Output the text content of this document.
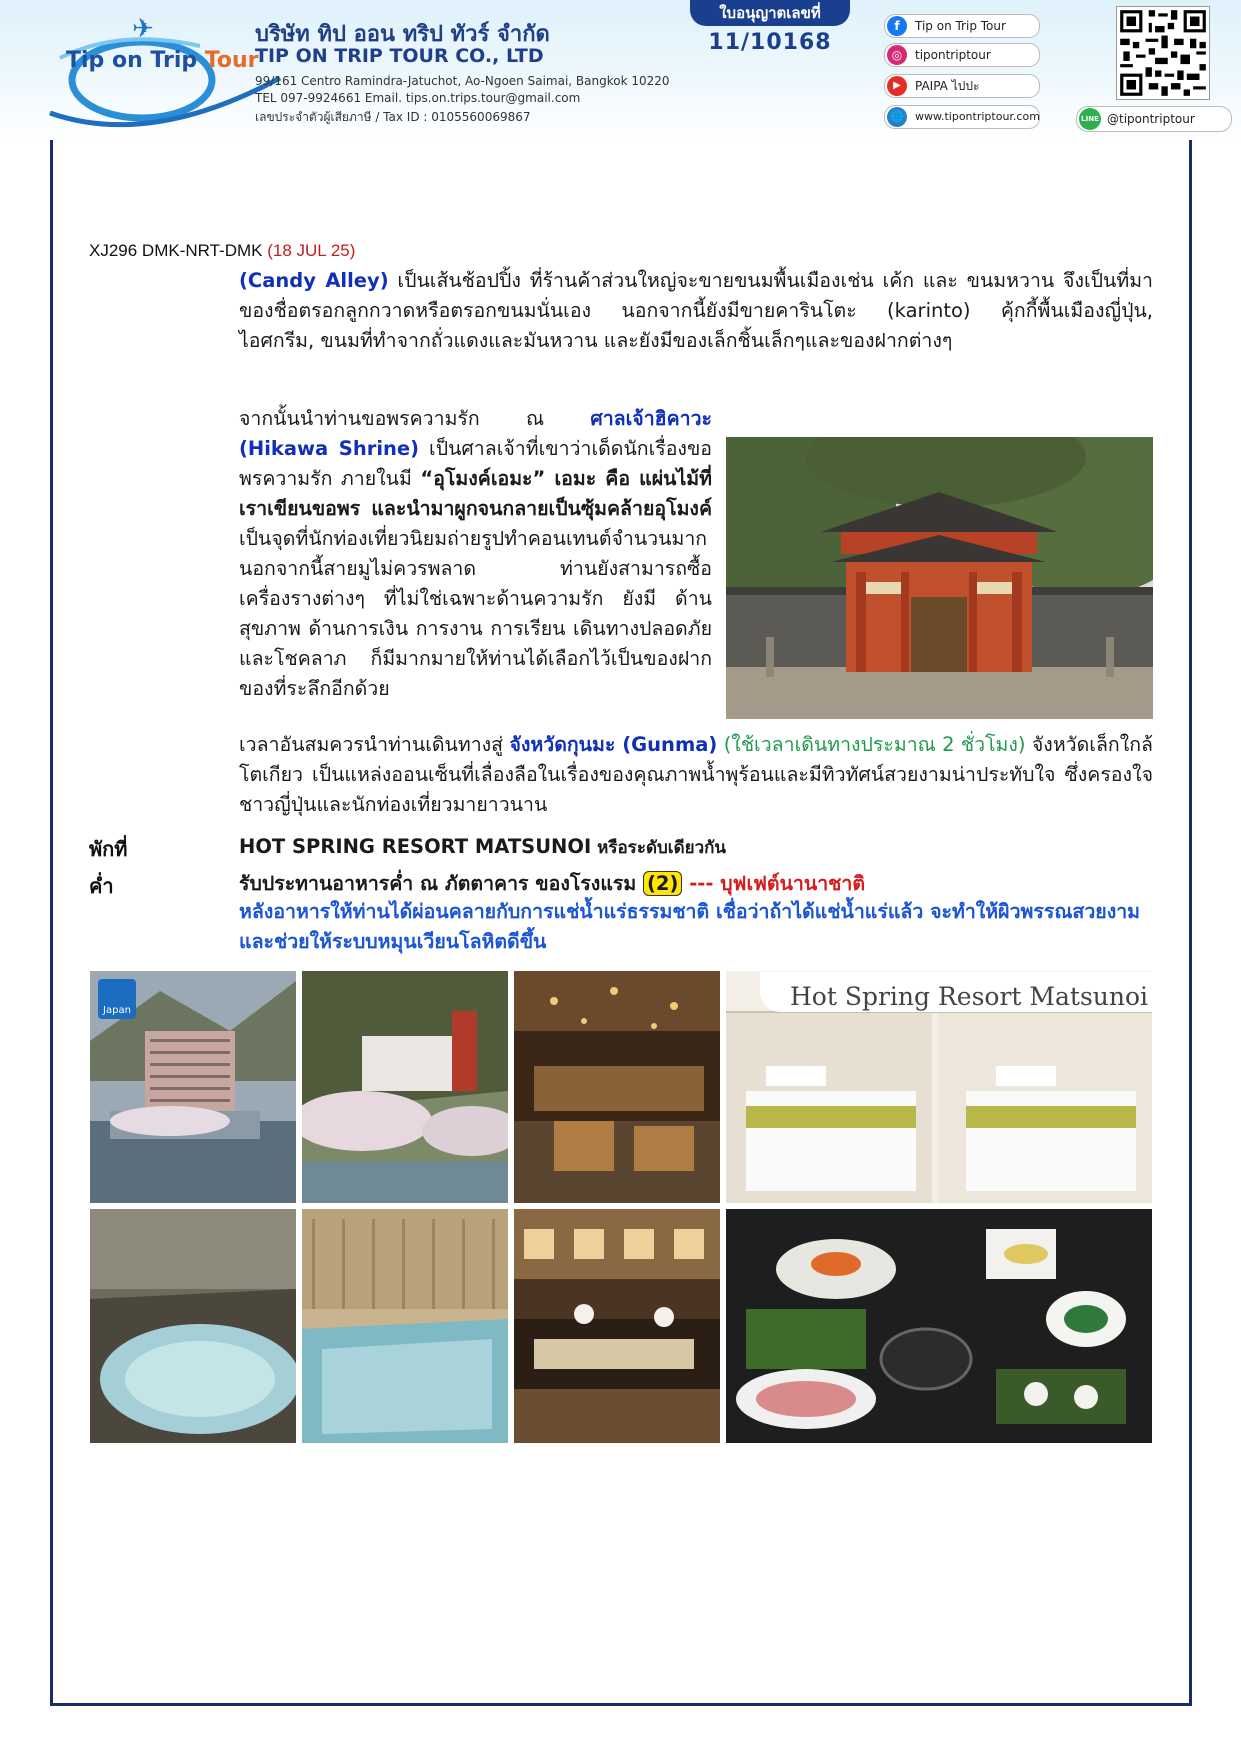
✈
Tip on Trip Tour
บริษัท ทิป ออน ทริป ทัวร์ จำกัด
TIP ON TRIP TOUR CO., LTD
99/161 Centro Ramindra-Jatuchot, Ao-Ngoen Saimai, Bangkok 10220
TEL 097-9924661 Email. tips.on.trips.tour@gmail.com
เลขประจำตัวผู้เสียภาษี / Tax ID : 0105560069867
ใบอนุญาตเลขที่
11/10168
f	Tip on Trip Tour
◎	tipontriptour
▶	PAIPA ไปปะ
🌐 www.tipontriptour.com	LINE @tipontriptour
XJ296 DMK-NRT-DMK (18 JUL 25)
(Candy Alley) เป็นเส้นช้อปปิ้ง ที่ร้านค้าส่วนใหญ่จะขายขนมพื้นเมืองเช่น เค้ก และ ขนมหวาน จึงเป็นที่มาของชื่อตรอกลูกกวาดหรือตรอกขนมนั่นเอง นอกจากนี้ยังมีขายคารินโตะ (karinto) คุ้กกี้พื้นเมืองญี่ปุ่น, ไอศกรีม, ขนมที่ทำจากถั่วแดงและมันหวาน และยังมีของเล็กชิ้นเล็กๆและของฝากต่างๆ
จากนั้นนำท่านขอพรความรัก ณ ศาลเจ้าฮิคาวะ (Hikawa Shrine) เป็นศาลเจ้าที่เขาว่าเด็ดนักเรื่องขอพรความรัก ภายในมี “อุโมงค์เอมะ” เอมะ คือ แผ่นไม้ที่เราเขียนขอพร และนำมาผูกจนกลายเป็นซุ้มคล้ายอุโมงค์ เป็นจุดที่นักท่องเที่ยวนิยมถ่ายรูปทำคอนเทนต์จำนวนมาก นอกจากนี้สายมูไม่ควรพลาด ท่านยังสามารถซื้อเครื่องรางต่างๆ ที่ไม่ใช่เฉพาะด้านความรัก ยังมี ด้านสุขภาพ ด้านการเงิน การงาน การเรียน เดินทางปลอดภัย และโชคลาภ ก็มีมากมายให้ท่านได้เลือกไว้เป็นของฝากของที่ระลึกอีกด้วย
เวลาอันสมควรนำท่านเดินทางสู่ จังหวัดกุนมะ (Gunma) (ใช้เวลาเดินทางประมาณ 2 ชั่วโมง) จังหวัดเล็กใกล้โตเกียว เป็นแหล่งออนเซ็นที่เลื่องลือในเรื่องของคุณภาพน้ำพุร้อนและมีทิวทัศน์สวยงามน่าประทับใจ ซึ่งครองใจชาวญี่ปุ่นและนักท่องเที่ยวมายาวนาน
พักที่	HOT SPRING RESORT MATSUNOI หรือระดับเดียวกัน
ค่ำ	รับประทานอาหารค่ำ ณ ภัตตาคาร ของโรงแรม (2) --- บุฟเฟต์นานาชาติ
หลังอาหารให้ท่านได้ผ่อนคลายกับการแช่น้ำแร่ธรรมชาติ เชื่อว่าถ้าได้แช่น้ำแร่แล้ว จะทำให้ผิวพรรณสวยงามและช่วยให้ระบบหมุนเวียนโลหิตดีขึ้น
Japan	Hot Spring Resort Matsunoi
